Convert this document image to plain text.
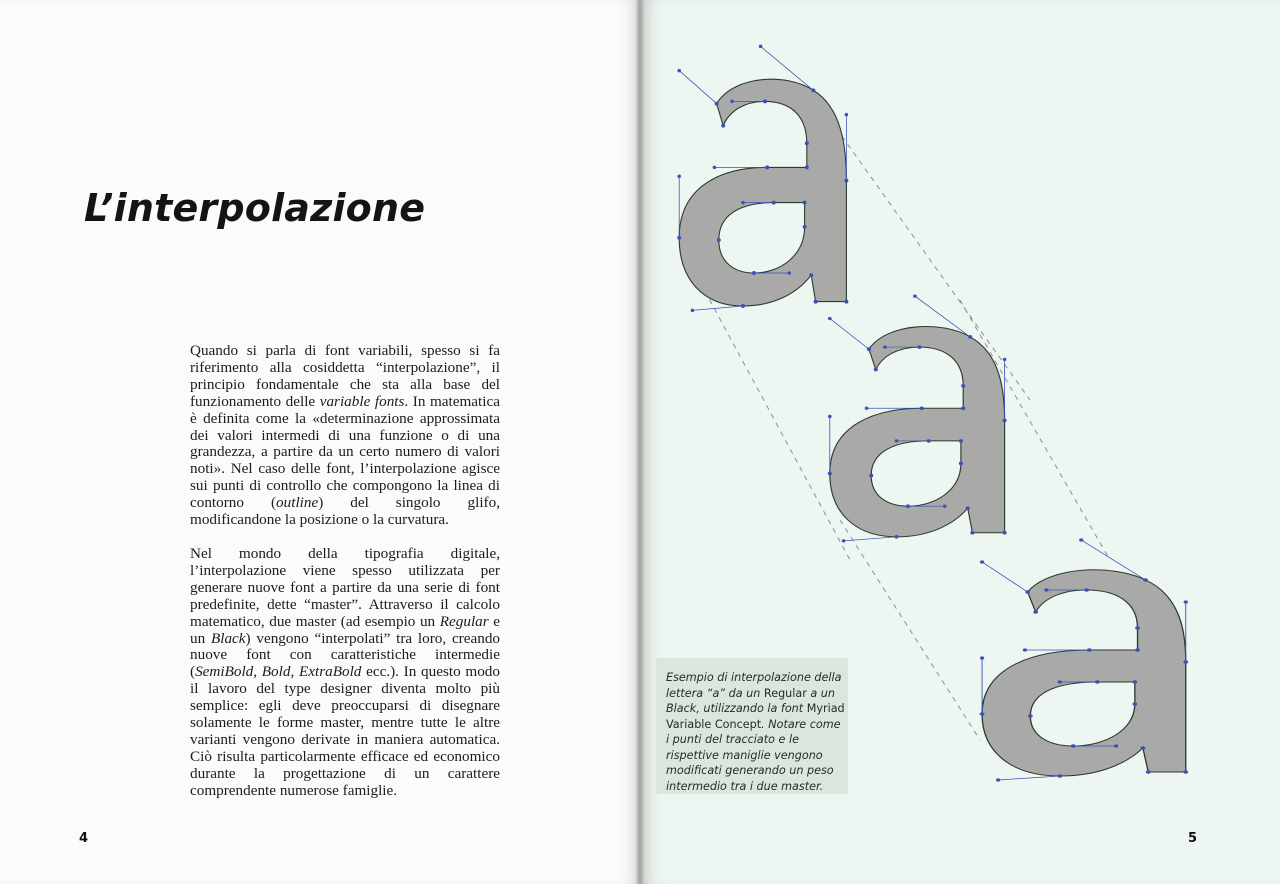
L’interpolazione

Quando si parla di font variabili, spesso si fa riferimento alla cosiddetta “interpolazione”, il principio fondamentale che sta alla base del funzionamento delle variable fonts. In matematica è definita come la «determinazione approssimata dei valori intermedi di una funzione o di una grandezza, a partire da un certo numero di valori noti». Nel caso delle font, l’interpolazione agisce sui punti di controllo che compongono la linea di contorno (outline) del singolo glifo, modificandone la posizione o la curvatura.

Nel mondo della tipografia digitale, l’interpolazione viene spesso utilizzata per generare nuove font a partire da una serie di font predefinite, dette “master”. Attraverso il calcolo matematico, due master (ad esempio un Regular e un Black) vengono “interpolati” tra loro, creando nuove font con caratteristiche intermedie (SemiBold, Bold, ExtraBold ecc.). In questo modo il lavoro del type designer diventa molto più semplice: egli deve preoccuparsi di disegnare solamente le forme master, mentre tutte le altre varianti vengono derivate in maniera automatica. Ciò risulta particolarmente efficace ed economico durante la progettazione di un carattere comprendente numerose famiglie.

4

Esempio di interpolazione della lettera “a” da un Regular a un Black, utilizzando la font Myriad Variable Concept. Notare come i punti del tracciato e le rispettive maniglie vengono modificati generando un peso intermedio tra i due master.

5
